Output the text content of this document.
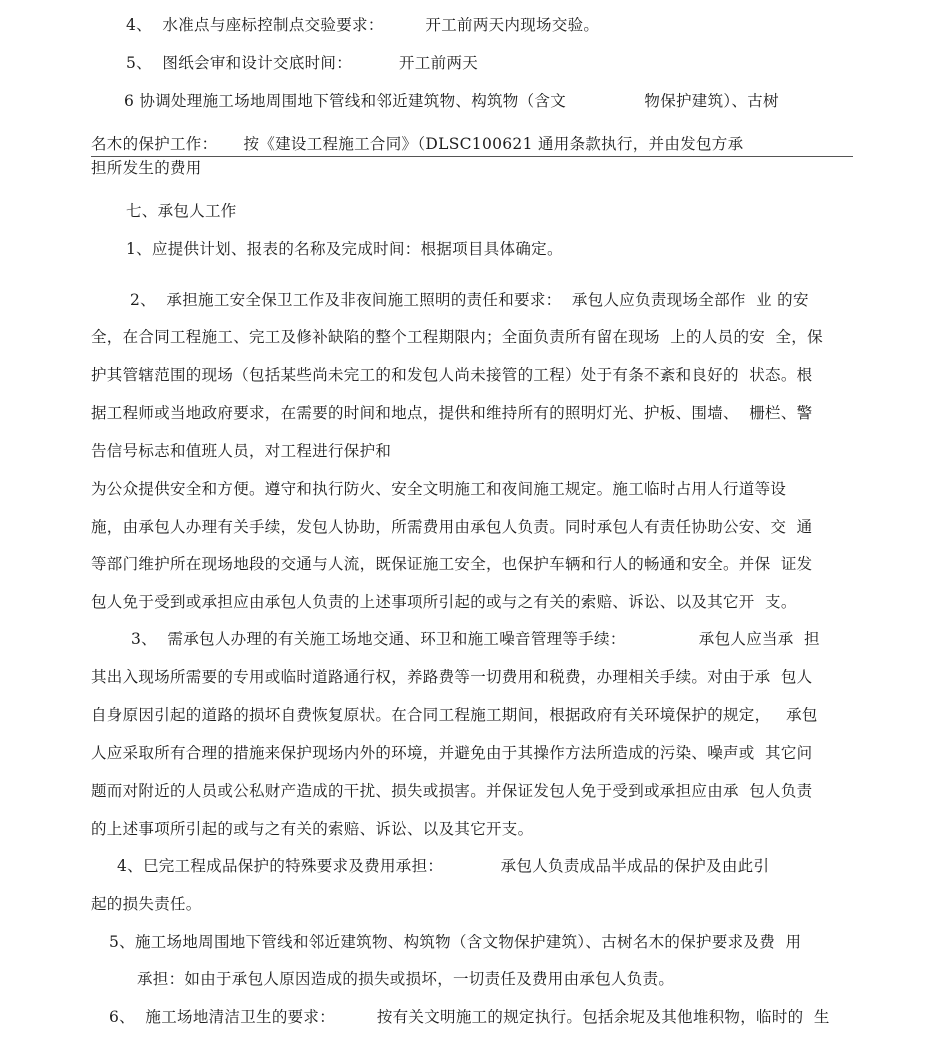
4、  水准点与座标控制点交验要求：        开工前两天内现场交验。
5、  图纸会审和设计交底时间：         开工前两天
6 协调处理施工场地周围地下管线和邻近建筑物、构筑物（含文               物保护建筑）、古树
名木的保护工作：     按《建设工程施工合同》（DLSC100621 通用条款执行，并由发包方承
担所发生的费用
七、承包人工作
1、应提供计划、报表的名称及完成时间：根据项目具体确定。
2、  承担施工安全保卫工作及非夜间施工照明的责任和要求：  承包人应负责现场全部作  业 的安
全，在合同工程施工、完工及修补缺陷的整个工程期限内；全面负责所有留在现场  上的人员的安  全，保
护其管辖范围的现场（包括某些尚未完工的和发包人尚未接管的工程）处于有条不紊和良好的  状态。根
据工程师或当地政府要求，在需要的时间和地点，提供和维持所有的照明灯光、护板、围墙、  栅栏、警
告信号标志和值班人员，对工程进行保护和
为公众提供安全和方便。遵守和执行防火、安全文明施工和夜间施工规定。施工临时占用人行道等设
施，由承包人办理有关手续，发包人协助，所需费用由承包人负责。同时承包人有责任协助公安、交  通
等部门维护所在现场地段的交通与人流，既保证施工安全，也保护车辆和行人的畅通和安全。并保  证发
包人免于受到或承担应由承包人负责的上述事项所引起的或与之有关的索赔、诉讼、以及其它开  支。
3、  需承包人办理的有关施工场地交通、环卫和施工噪音管理等手续：              承包人应当承  担
其出入现场所需要的专用或临时道路通行权，养路费等一切费用和税费，办理相关手续。对由于承  包人
自身原因引起的道路的损坏自费恢复原状。在合同工程施工期间，根据政府有关环境保护的规定，   承包
人应采取所有合理的措施来保护现场内外的环境，并避免由于其操作方法所造成的污染、噪声或  其它问
题而对附近的人员或公私财产造成的干扰、损失或损害。并保证发包人免于受到或承担应由承  包人负责
的上述事项所引起的或与之有关的索赔、诉讼、以及其它开支。
4、巳完工程成品保护的特殊要求及费用承担：           承包人负责成品半成品的保护及由此引
起的损失责任。
5、施工场地周围地下管线和邻近建筑物、构筑物（含文物保护建筑）、古树名木的保护要求及费  用
承担：如由于承包人原因造成的损失或损坏，一切责任及费用由承包人负责。
6、  施工场地清洁卫生的要求：        按有关文明施工的规定执行。包括余坭及其他堆积物，临时的  生
